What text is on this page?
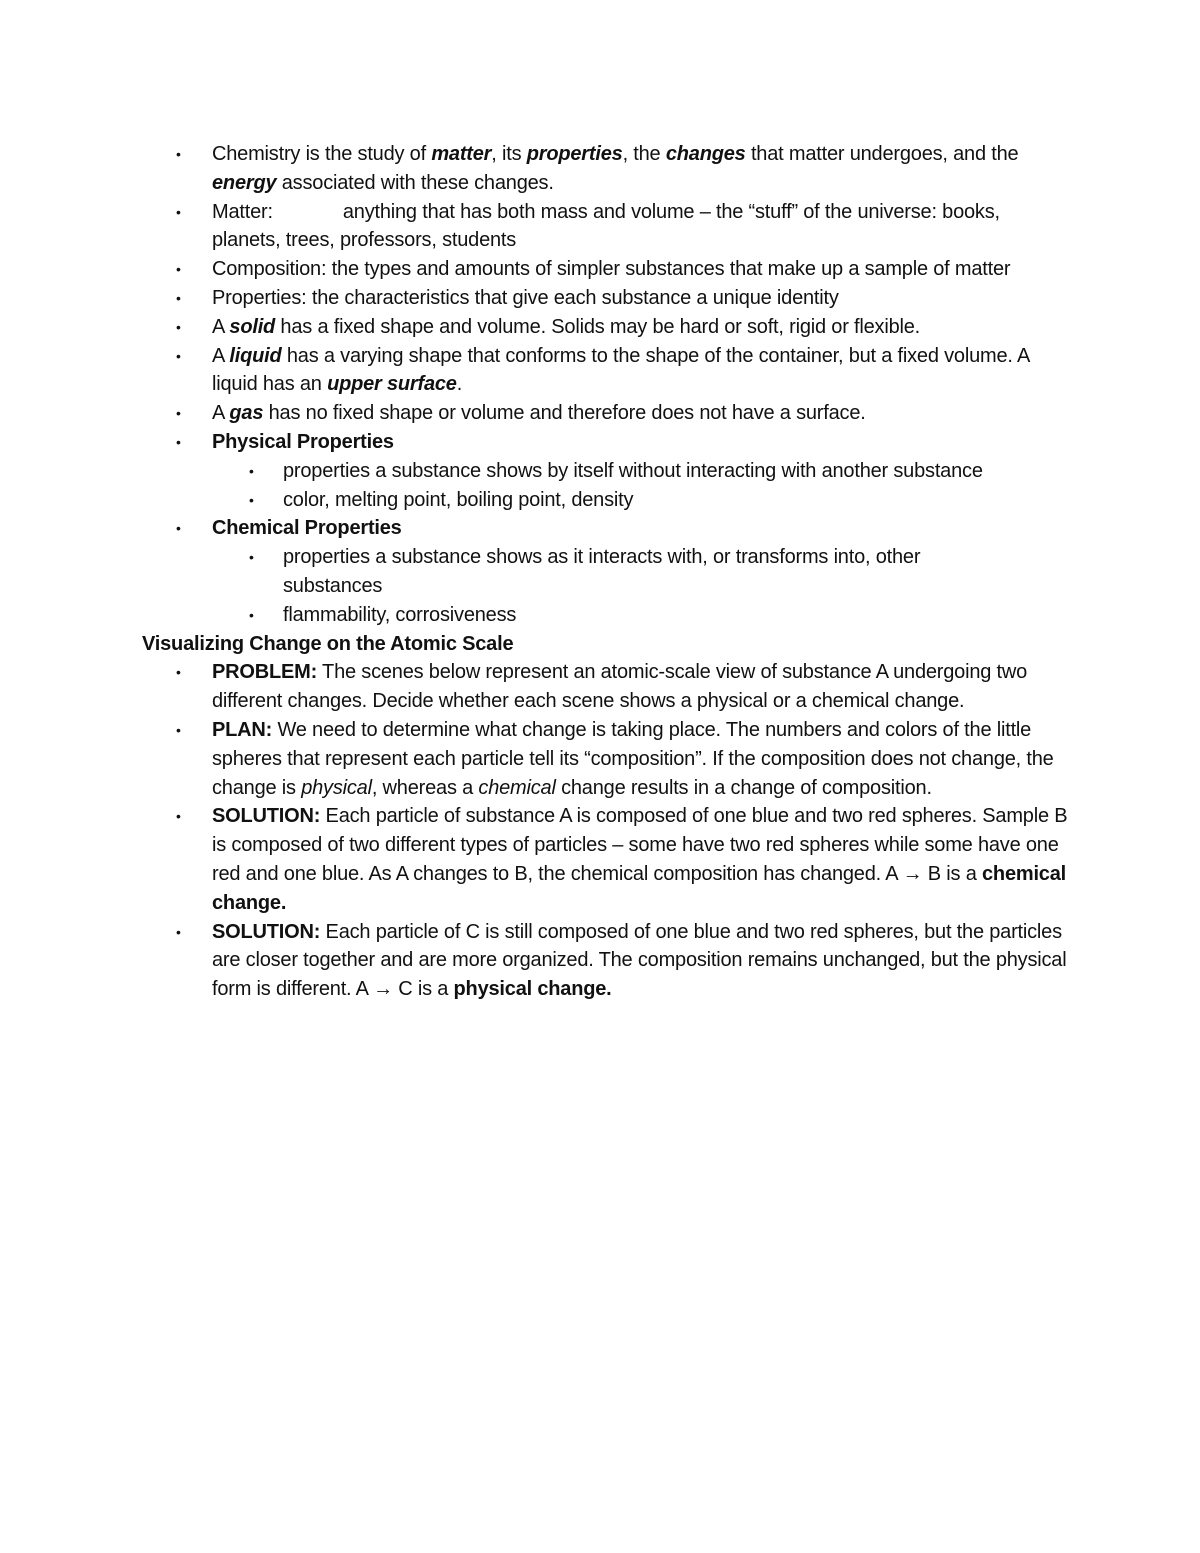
• Chemistry is the study of matter, its properties, the changes that matter undergoes, and the energy associated with these changes.
• Matter:	anything that has both mass and volume – the “stuff” of the universe: books, planets, trees, professors, students
• Composition: the types and amounts of simpler substances that make up a sample of matter
• Properties: the characteristics that give each substance a unique identity
• A solid has a fixed shape and volume. Solids may be hard or soft, rigid or flexible.
• A liquid has a varying shape that conforms to the shape of the container, but a fixed volume. A liquid has an upper surface.
• A gas has no fixed shape or volume and therefore does not have a surface.
• Physical Properties
• properties a substance shows by itself without interacting with another substance
• color, melting point, boiling point, density
• Chemical Properties
• properties a substance shows as it interacts with, or transforms into, other substances
• flammability, corrosiveness
Visualizing Change on the Atomic Scale
• PROBLEM: The scenes below represent an atomic-scale view of substance A undergoing two different changes. Decide whether each scene shows a physical or a chemical change.
• PLAN: We need to determine what change is taking place. The numbers and colors of the little spheres that represent each particle tell its “composition”. If the composition does not change, the change is physical, whereas a chemical change results in a change of composition.
• SOLUTION: Each particle of substance A is composed of one blue and two red spheres. Sample B is composed of two different types of particles – some have two red spheres while some have one red and one blue. As A changes to B, the chemical composition has changed. A → B is a chemical change.
• SOLUTION: Each particle of C is still composed of one blue and two red spheres, but the particles are closer together and are more organized. The composition remains unchanged, but the physical form is different. A → C is a physical change.
